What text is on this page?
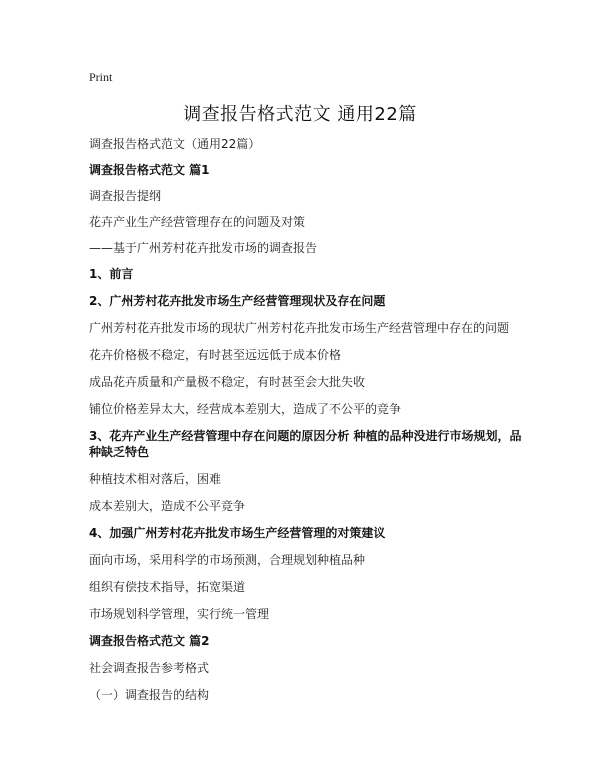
Print
调查报告格式范文 通用22篇

调查报告格式范文（通用22篇）

调查报告格式范文 篇1

调查报告提纲

花卉产业生产经营管理存在的问题及对策

——基于广州芳村花卉批发市场的调查报告

1、前言

2、广州芳村花卉批发市场生产经营管理现状及存在问题

广州芳村花卉批发市场的现状广州芳村花卉批发市场生产经营管理中存在的问题

花卉价格极不稳定，有时甚至远远低于成本价格

成品花卉质量和产量极不稳定，有时甚至会大批失收

铺位价格差异太大，经营成本差别大，造成了不公平的竞争

3、花卉产业生产经营管理中存在问题的原因分析 种植的品种没进行市场规划，品种缺乏特色

种植技术相对落后，困难

成本差别大，造成不公平竞争

4、加强广州芳村花卉批发市场生产经营管理的对策建议

面向市场，采用科学的市场预测，合理规划种植品种

组织有偿技术指导，拓宽渠道

市场规划科学管理，实行统一管理

调查报告格式范文 篇2

社会调查报告参考格式

（一）调查报告的结构
